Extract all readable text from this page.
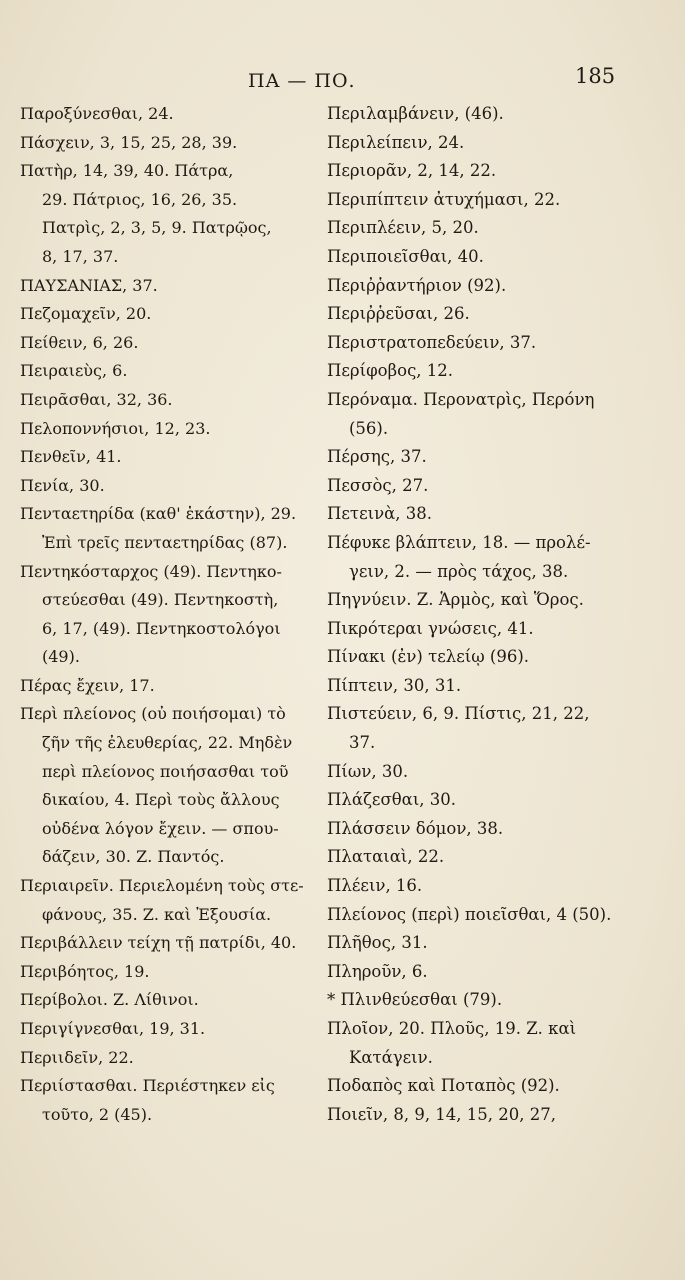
ΠΑ — ΠΟ.	185
Παροξύνεσθαι, 24.
Πάσχειν, 3, 15, 25, 28, 39.
Πατὴρ, 14, 39, 40. Πάτρα,
29. Πάτριος, 16, 26, 35.
Πατρὶς, 2, 3, 5, 9. Πατρῷος,
8, 17, 37.
ΠΑΥΣΑΝΙΑΣ, 37.
Πεζομαχεῖν, 20.
Πείθειν, 6, 26.
Πειραιεὺς, 6.
Πειρᾶσθαι, 32, 36.
Πελοποννήσιοι, 12, 23.
Πενθεῖν, 41.
Πενία, 30.
Πενταετηρίδα (καθ' ἑκάστην), 29.
Ἐπὶ τρεῖς πενταετηρίδας (87).
Πεντηκόσταρχος (49). Πεντηκο-
στεύεσθαι (49). Πεντηκοστὴ,
6, 17, (49). Πεντηκοστολόγοι
(49).
Πέρας ἔχειν, 17.
Περὶ πλείονος (οὐ ποιήσομαι) τὸ
ζῆν τῆς ἐλευθερίας, 22. Μηδὲν
περὶ πλείονος ποιήσασθαι τοῦ
δικαίου, 4. Περὶ τοὺς ἄλλους
οὐδένα λόγον ἔχειν. — σπου-
δάζειν, 30. Ζ. Παντός.
Περιαιρεῖν. Περιελομένη τοὺς στε-
φάνους, 35. Ζ. καὶ Ἐξουσία.
Περιβάλλειν τείχη τῇ πατρίδι, 40.
Περιβόητος, 19.
Περίβολοι. Ζ. Λίθινοι.
Περιγίγνεσθαι, 19, 31.
Περιιδεῖν, 22.
Περιίστασθαι. Περιέστηκεν εἰς
τοῦτο, 2 (45).
Περιλαμβάνειν, (46).
Περιλείπειν, 24.
Περιορᾶν, 2, 14, 22.
Περιπίπτειν ἀτυχήμασι, 22.
Περιπλέειν, 5, 20.
Περιποιεῖσθαι, 40.
Περιῤῥαντήριον (92).
Περιῤῥεῦσαι, 26.
Περιστρατοπεδεύειν, 37.
Περίφοβος, 12.
Περόναμα. Περονατρὶς, Περόνη
(56).
Πέρσης, 37.
Πεσσὸς, 27.
Πετεινὰ, 38.
Πέφυκε βλάπτειν, 18. — προλέ-
γειν, 2. — πρὸς τάχος, 38.
Πηγνύειν. Ζ. Ἁρμὸς, καὶ Ὅρος.
Πικρότεραι γνώσεις, 41.
Πίνακι (ἐν) τελείῳ (96).
Πίπτειν, 30, 31.
Πιστεύειν, 6, 9. Πίστις, 21, 22,
37.
Πίων, 30.
Πλάζεσθαι, 30.
Πλάσσειν δόμον, 38.
Πλαταιαὶ, 22.
Πλέειν, 16.
Πλείονος (περὶ) ποιεῖσθαι, 4 (50).
Πλῆθος, 31.
Πληροῦν, 6.
* Πλινθεύεσθαι (79).
Πλοῖον, 20. Πλοῦς, 19. Ζ. καὶ
Κατάγειν.
Ποδαπὸς καὶ Ποταπὸς (92).
Ποιεῖν, 8, 9, 14, 15, 20, 27,
